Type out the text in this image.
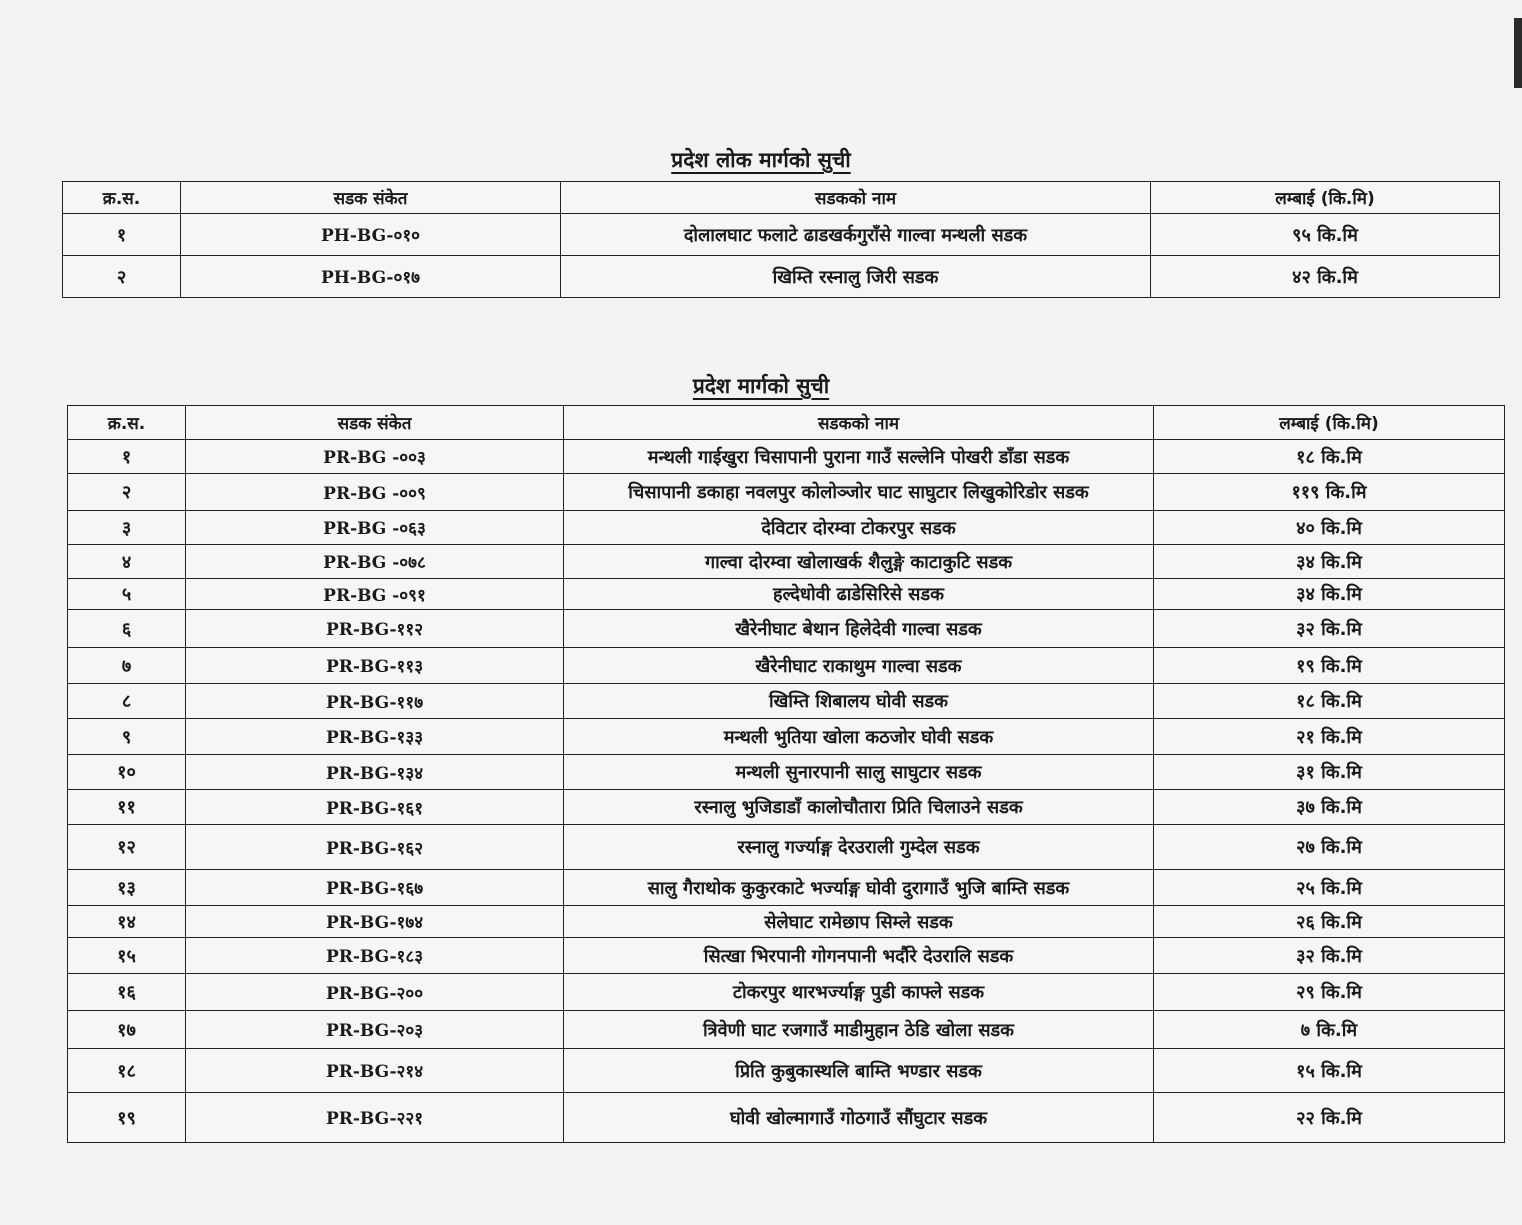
प्रदेश लोक मार्गको सुची
क्र.स.	सडक संकेत	सडकको नाम	लम्बाई (कि.मि)
१	PH-BG-०१०	दोलालघाट फलाटे ढाडखर्कगुराँसे गाल्वा मन्थली सडक	९५ कि.मि
२	PH-BG-०१७	खिम्ति रस्नालु जिरी सडक	४२ कि.मि
प्रदेश मार्गको सुची
क्र.स.	सडक संकेत	सडकको नाम	लम्बाई (कि.मि)
१	PR-BG -००३	मन्थली गाईखुरा चिसापानी पुराना गाउँ सल्लेनि पोखरी डाँडा सडक	१८ कि.मि
२	PR-BG -००९	चिसापानी डकाहा नवलपुर कोलोञ्जोर घाट साघुटार लिखुकोरिडोर सडक	११९ कि.मि
३	PR-BG -०६३	देविटार दोरम्वा टोकरपुर सडक	४० कि.मि
४	PR-BG -०७८	गाल्वा दोरम्वा खोलाखर्क शैलुङ्गे काटाकुटि सडक	३४ कि.मि
५	PR-BG -०९१	हल्देधोवी ढाडेसिरिसे सडक	३४ कि.मि
६	PR-BG-११२	खैरेनीघाट बेथान हिलेदेवी गाल्वा सडक	३२ कि.मि
७	PR-BG-११३	खैरेनीघाट राकाथुम गाल्वा सडक	१९ कि.मि
८	PR-BG-११७	खिम्ति शिबालय घोवी सडक	१८ कि.मि
९	PR-BG-१३३	मन्थली भुतिया खोला कठजोर घोवी सडक	२१ कि.मि
१०	PR-BG-१३४	मन्थली सुनारपानी सालु साघुटार सडक	३१ कि.मि
११	PR-BG-१६१	रस्नालु भुजिडाडाँ कालोचौतारा प्रिति चिलाउने सडक	३७ कि.मि
१२	PR-BG-१६२	रस्नालु गर्ज्याङ्ग देरउराली गुम्देल सडक	२७ कि.मि
१३	PR-BG-१६७	सालु गैराथोक कुकुरकाटे भर्ज्याङ्ग घोवी दुरागाउँ भुजि बाम्ति सडक	२५ कि.मि
१४	PR-BG-१७४	सेलेघाट रामेछाप सिम्ले सडक	२६ कि.मि
१५	PR-BG-१८३	सित्खा भिरपानी गोगनपानी भर्दौरे देउरालि सडक	३२ कि.मि
१६	PR-BG-२००	टोकरपुर थारभर्ज्याङ्ग पुडी काफ्ले सडक	२९ कि.मि
१७	PR-BG-२०३	त्रिवेणी घाट रजगाउँ माडीमुहान ठेडि खोला सडक	७ कि.मि
१८	PR-BG-२१४	प्रिति कुबुकास्थलि बाम्ति भण्डार सडक	१५ कि.मि
१९	PR-BG-२२१	घोवी खोल्मागाउँ गोठगाउँ सौंघुटार सडक	२२ कि.मि
